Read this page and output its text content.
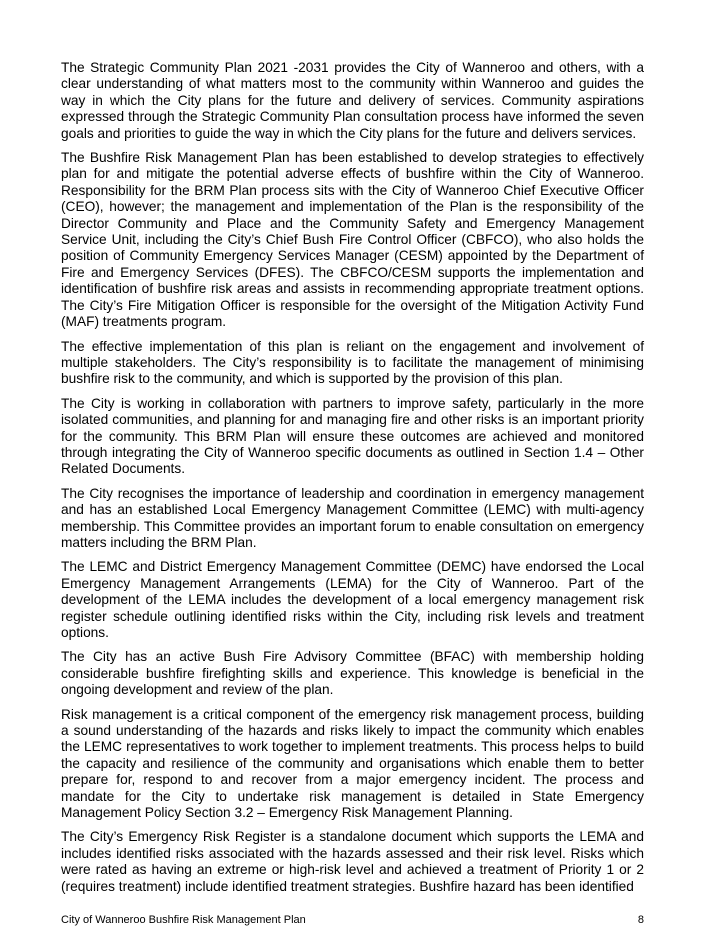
The Strategic Community Plan 2021 -2031 provides the City of Wanneroo and others, with a clear understanding of what matters most to the community within Wanneroo and guides the way in which the City plans for the future and delivery of services. Community aspirations expressed through the Strategic Community Plan consultation process have informed the seven goals and priorities to guide the way in which the City plans for the future and delivers services.

The Bushfire Risk Management Plan has been established to develop strategies to effectively plan for and mitigate the potential adverse effects of bushfire within the City of Wanneroo. Responsibility for the BRM Plan process sits with the City of Wanneroo Chief Executive Officer (CEO), however; the management and implementation of the Plan is the responsibility of the Director Community and Place and the Community Safety and Emergency Management Service Unit, including the City’s Chief Bush Fire Control Officer (CBFCO), who also holds the position of Community Emergency Services Manager (CESM) appointed by the Department of Fire and Emergency Services (DFES). The CBFCO/CESM supports the implementation and identification of bushfire risk areas and assists in recommending appropriate treatment options. The City’s Fire Mitigation Officer is responsible for the oversight of the Mitigation Activity Fund (MAF) treatments program.

The effective implementation of this plan is reliant on the engagement and involvement of multiple stakeholders. The City’s responsibility is to facilitate the management of minimising bushfire risk to the community, and which is supported by the provision of this plan.

The City is working in collaboration with partners to improve safety, particularly in the more isolated communities, and planning for and managing fire and other risks is an important priority for the community. This BRM Plan will ensure these outcomes are achieved and monitored through integrating the City of Wanneroo specific documents as outlined in Section 1.4 – Other Related Documents.

The City recognises the importance of leadership and coordination in emergency management and has an established Local Emergency Management Committee (LEMC) with multi-agency membership. This Committee provides an important forum to enable consultation on emergency matters including the BRM Plan.

The LEMC and District Emergency Management Committee (DEMC) have endorsed the Local Emergency Management Arrangements (LEMA) for the City of Wanneroo. Part of the development of the LEMA includes the development of a local emergency management risk register schedule outlining identified risks within the City, including risk levels and treatment options.

The City has an active Bush Fire Advisory Committee (BFAC) with membership holding considerable bushfire firefighting skills and experience. This knowledge is beneficial in the ongoing development and review of the plan.

Risk management is a critical component of the emergency risk management process, building a sound understanding of the hazards and risks likely to impact the community which enables the LEMC representatives to work together to implement treatments. This process helps to build the capacity and resilience of the community and organisations which enable them to better prepare for, respond to and recover from a major emergency incident. The process and mandate for the City to undertake risk management is detailed in State Emergency Management Policy Section 3.2 – Emergency Risk Management Planning.

The City’s Emergency Risk Register is a standalone document which supports the LEMA and includes identified risks associated with the hazards assessed and their risk level. Risks which were rated as having an extreme or high-risk level and achieved a treatment of Priority 1 or 2 (requires treatment) include identified treatment strategies. Bushfire hazard has been identified

City of Wanneroo Bushfire Risk Management Plan	8
